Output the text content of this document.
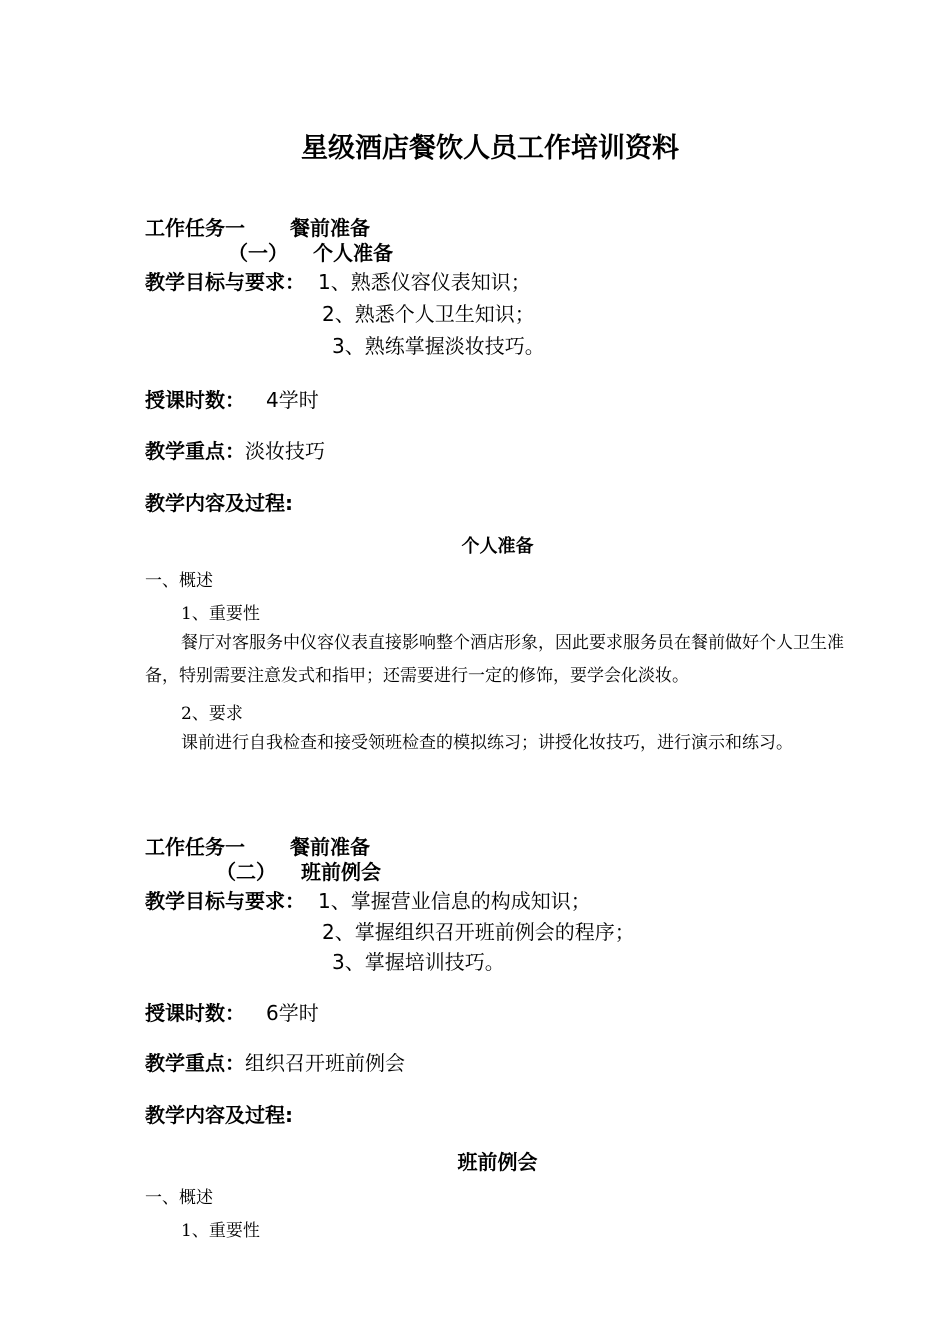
星级酒店餐饮人员工作培训资料
工作任务一 餐前准备
（一） 个人准备
教学目标与要求： 1、熟悉仪容仪表知识；
2、熟悉个人卫生知识；
3、熟练掌握淡妆技巧。
授课时数： 4学时
教学重点：淡妆技巧
教学内容及过程:
个人准备
一、概述
1、重要性
餐厅对客服务中仪容仪表直接影响整个酒店形象，因此要求服务员在餐前做好个人卫生准备，特别需要注意发式和指甲；还需要进行一定的修饰，要学会化淡妆。
2、要求
课前进行自我检查和接受领班检查的模拟练习；讲授化妆技巧，进行演示和练习。
工作任务一 餐前准备
（二） 班前例会
教学目标与要求： 1、掌握营业信息的构成知识；
2、掌握组织召开班前例会的程序；
3、掌握培训技巧。
授课时数： 6学时
教学重点：组织召开班前例会
教学内容及过程:
班前例会
一、概述
1、重要性
